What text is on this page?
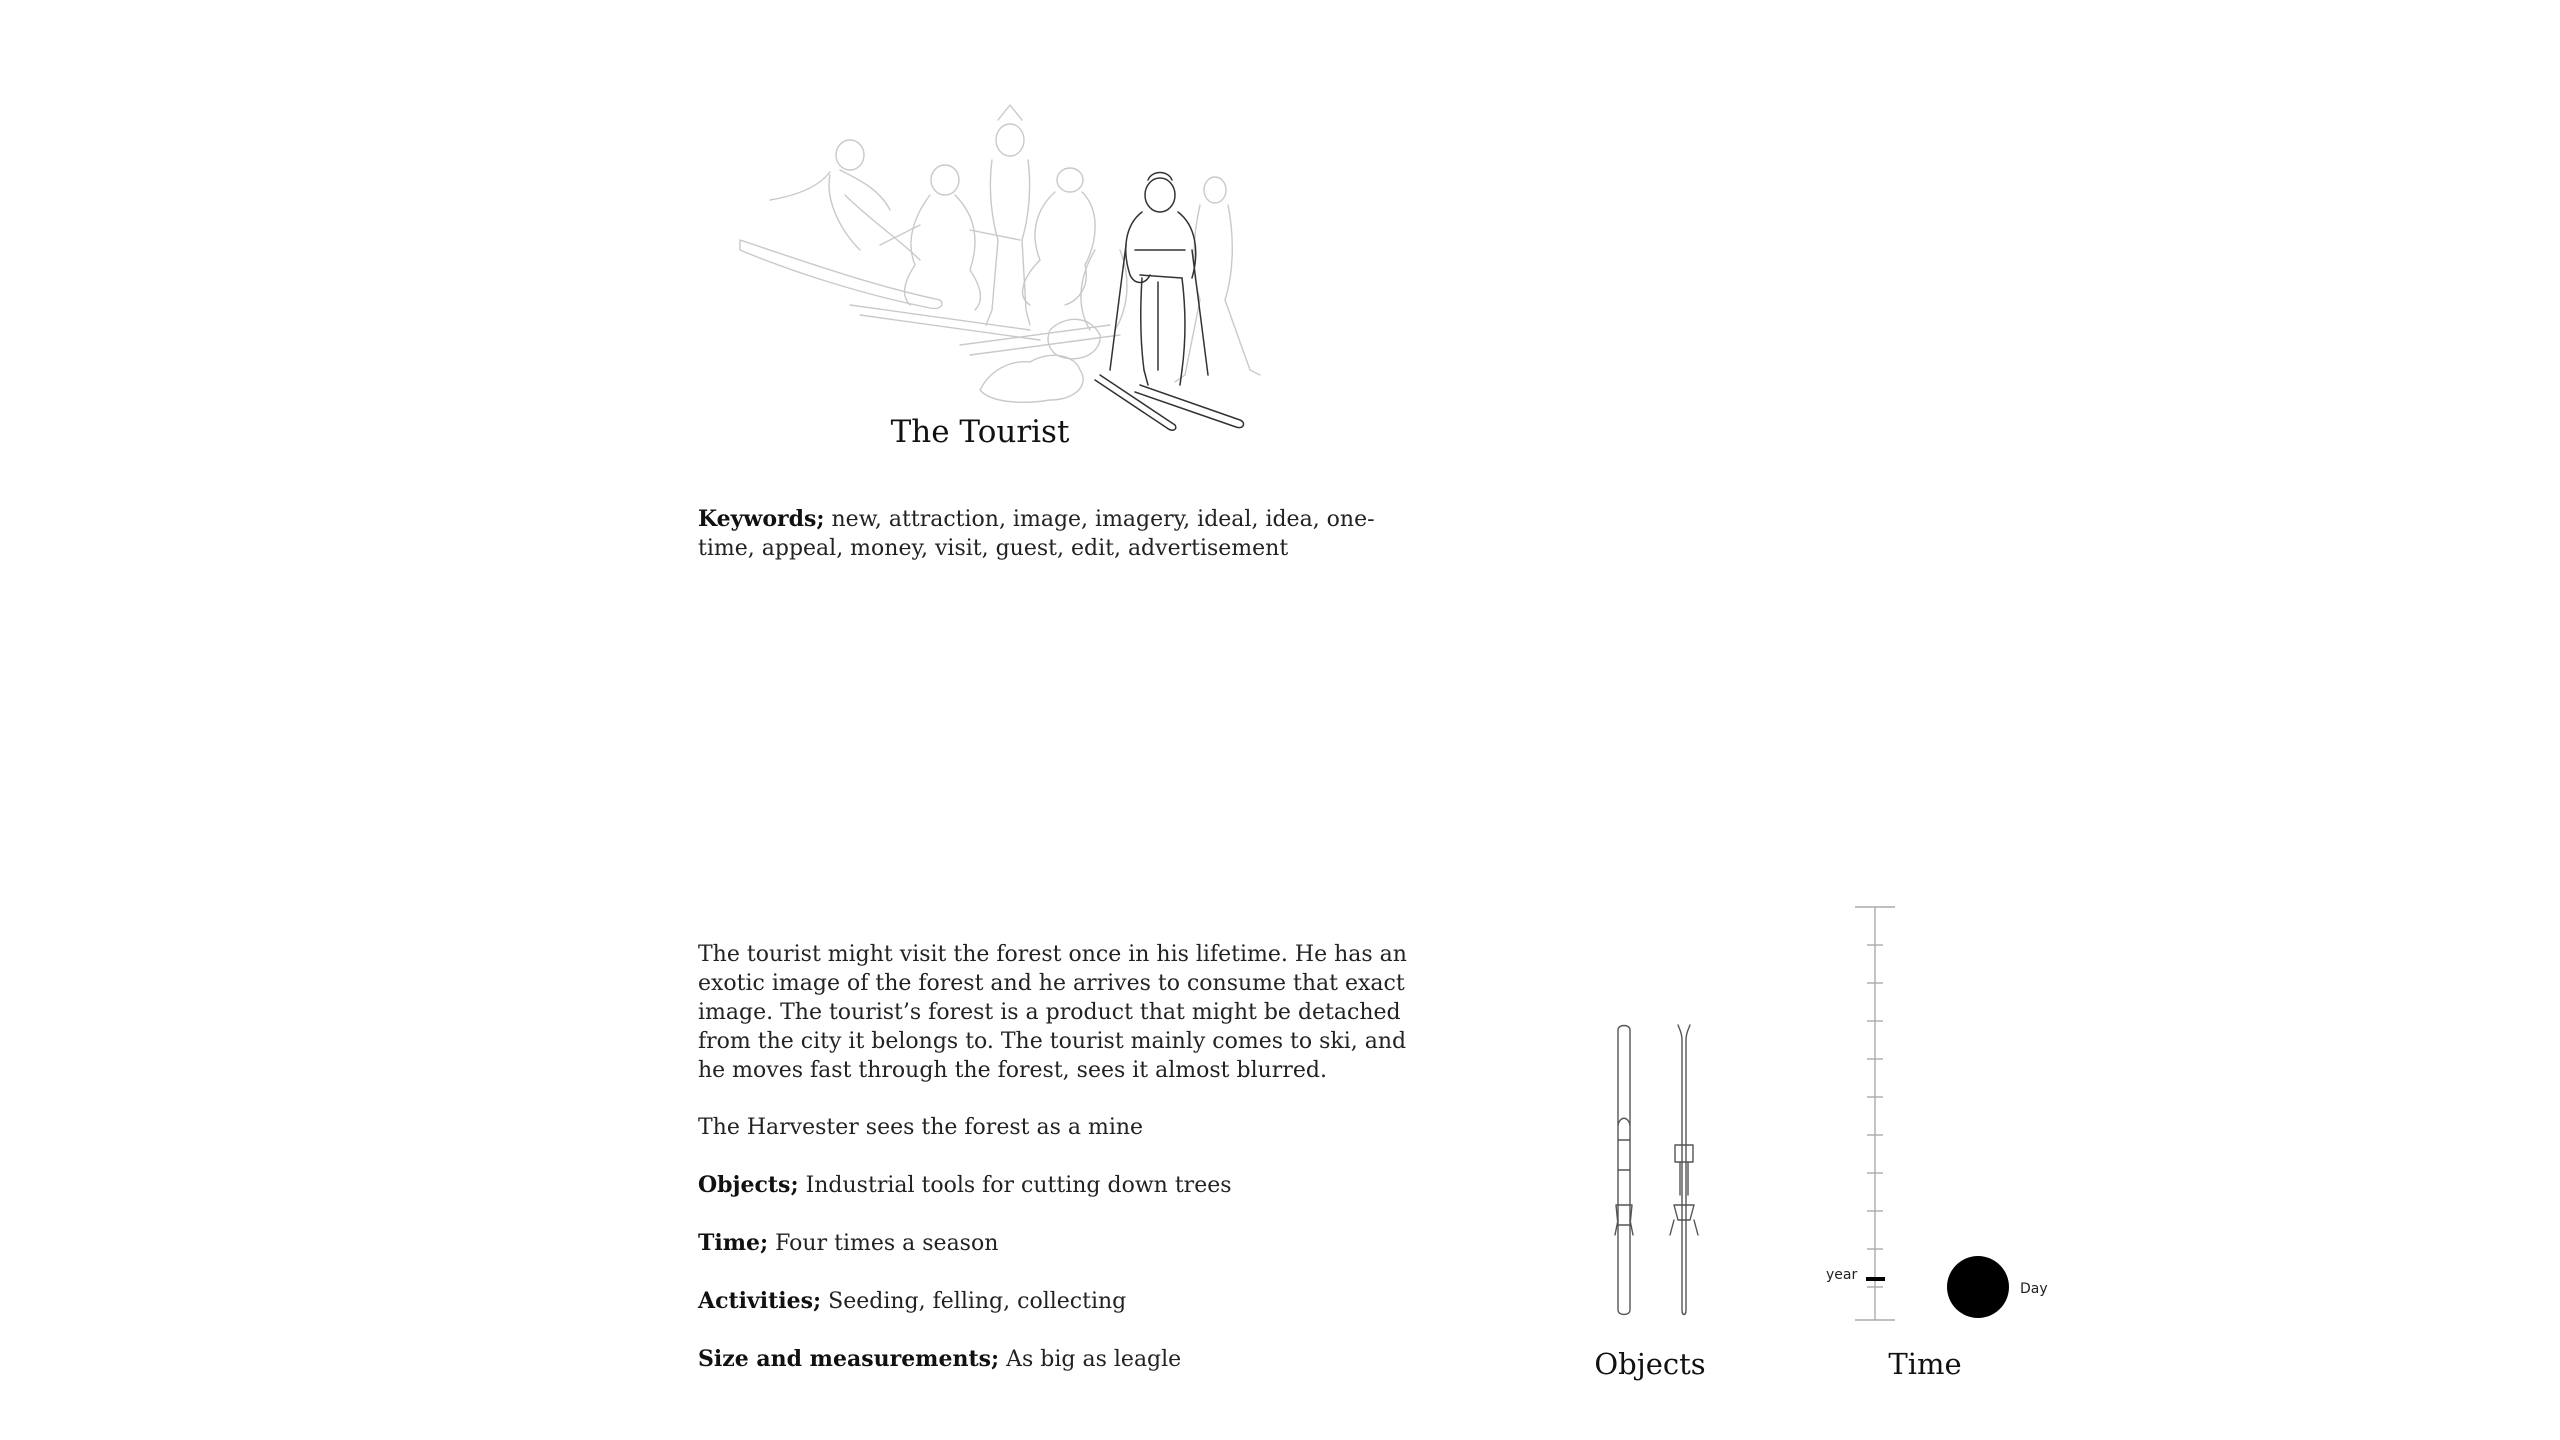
The Tourist
Keywords; new, attraction, image, imagery, ideal, idea, one-time, appeal, money, visit, guest, edit, advertisement
The tourist might visit the forest once in his lifetime. He has an exotic image of the forest and he arrives to consume that exact image. The tourist’s forest is a product that might be detached from the city it belongs to. The tourist mainly comes to ski, and he moves fast through the forest, sees it almost blurred.
The Harvester sees the forest as a mine
Objects; Industrial tools for cutting down trees
Time; Four times a season
Activities; Seeding, felling, collecting
Size and measurements; As big as leagle	Objects
year
Day
Time
